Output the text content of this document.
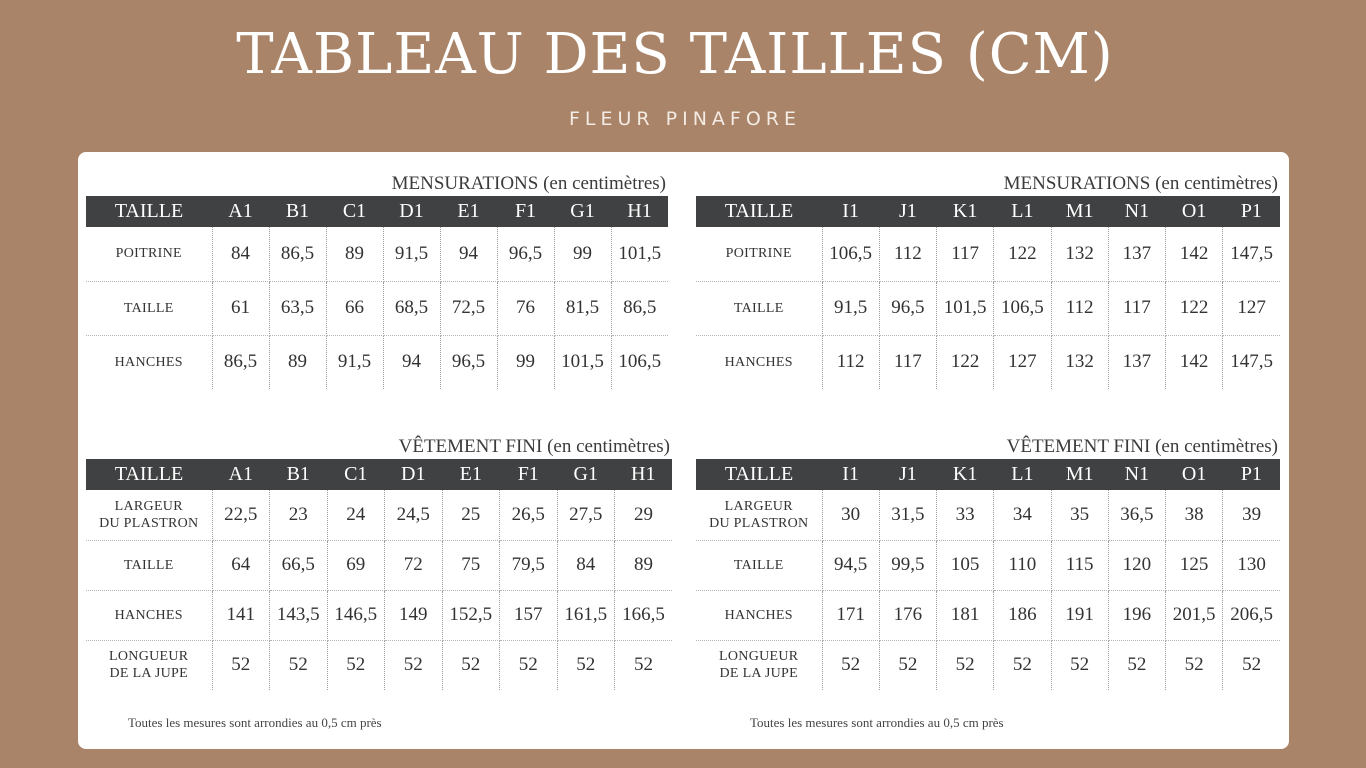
TABLEAU DES TAILLES (CM)
FLEUR PINAFORE
MENSURATIONS (en centimètres)
TAILLE	A1	B1	C1	D1	E1	F1	G1	H1
POITRINE	84	86,5	89	91,5	94	96,5	99	101,5
TAILLE	61	63,5	66	68,5	72,5	76	81,5	86,5
HANCHES	86,5	89	91,5	94	96,5	99	101,5	106,5
MENSURATIONS (en centimètres)
TAILLE	I1	J1	K1	L1	M1	N1	O1	P1
POITRINE	106,5	112	117	122	132	137	142	147,5
TAILLE	91,5	96,5	101,5	106,5	112	117	122	127
HANCHES	112	117	122	127	132	137	142	147,5
VÊTEMENT FINI (en centimètres)
TAILLE	A1	B1	C1	D1	E1	F1	G1	H1
LARGEUR
DU PLASTRON	22,5	23	24	24,5	25	26,5	27,5	29
TAILLE	64	66,5	69	72	75	79,5	84	89
HANCHES	141	143,5	146,5	149	152,5	157	161,5	166,5
LONGUEUR
DE LA JUPE	52	52	52	52	52	52	52	52
VÊTEMENT FINI (en centimètres)
TAILLE	I1	J1	K1	L1	M1	N1	O1	P1
LARGEUR
DU PLASTRON	30	31,5	33	34	35	36,5	38	39
TAILLE	94,5	99,5	105	110	115	120	125	130
HANCHES	171	176	181	186	191	196	201,5	206,5
LONGUEUR
DE LA JUPE	52	52	52	52	52	52	52	52
Toutes les mesures sont arrondies au 0,5 cm près	Toutes les mesures sont arrondies au 0,5 cm près
